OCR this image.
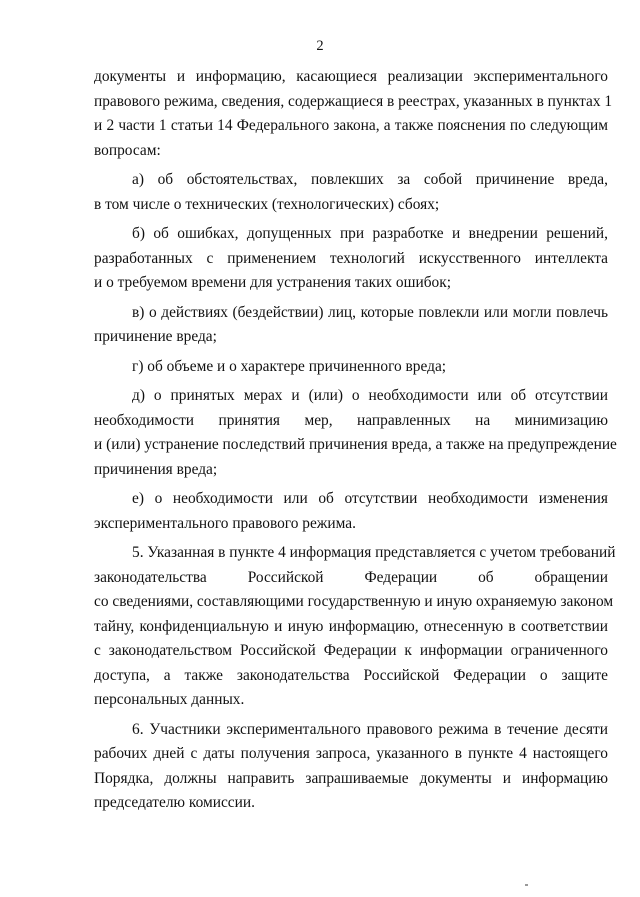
2
документы и информацию, касающиеся реализации экспериментального
правового режима, сведения, содержащиеся в реестрах, указанных в пунктах 1
и 2 части 1 статьи 14 Федерального закона, а также пояснения по следующим
вопросам:
а) об обстоятельствах, повлекших за собой причинение вреда,
в том числе о технических (технологических) сбоях;
б) об ошибках, допущенных при разработке и внедрении решений,
разработанных с применением технологий искусственного интеллекта
и о требуемом времени для устранения таких ошибок;
в) о действиях (бездействии) лиц, которые повлекли или могли повлечь
причинение вреда;
г) об объеме и о характере причиненного вреда;
д) о принятых мерах и (или) о необходимости или об отсутствии
необходимости принятия мер, направленных на минимизацию
и (или) устранение последствий причинения вреда, а также на предупреждение
причинения вреда;
е) о необходимости или об отсутствии необходимости изменения
экспериментального правового режима.
5. Указанная в пункте 4 информация представляется с учетом требований
законодательства Российской Федерации об обращении
со сведениями, составляющими государственную и иную охраняемую законом
тайну, конфиденциальную и иную информацию, отнесенную в соответствии
с законодательством Российской Федерации к информации ограниченного
доступа, а также законодательства Российской Федерации о защите
персональных данных.
6. Участники экспериментального правового режима в течение десяти
рабочих дней с даты получения запроса, указанного в пункте 4 настоящего
Порядка, должны направить запрашиваемые документы и информацию
председателю комиссии.
